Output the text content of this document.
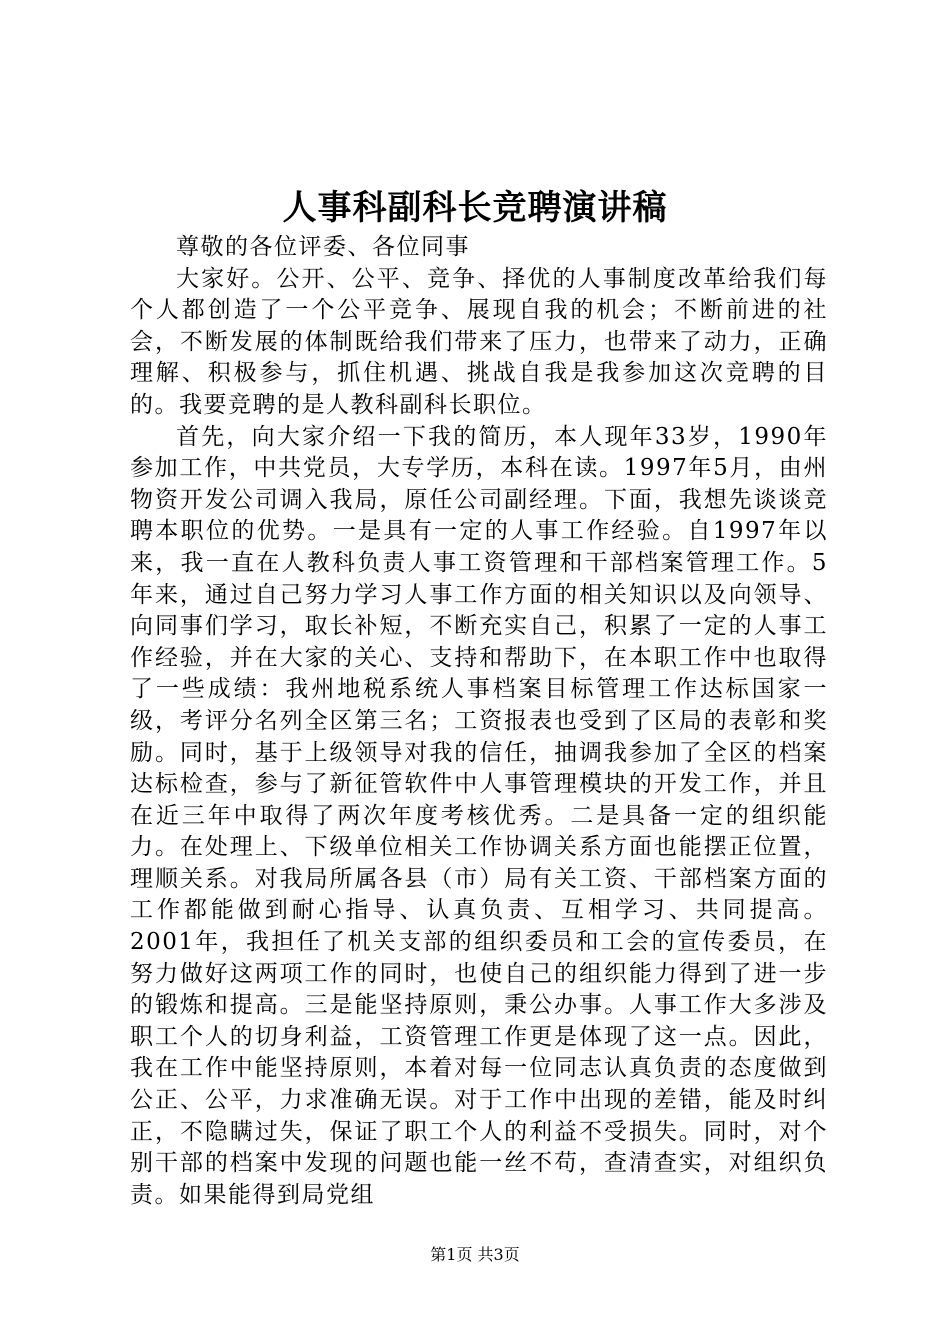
人事科副科长竞聘演讲稿

尊敬的各位评委、各位同事

大家好。公开、公平、竞争、择优的人事制度改革给我们每个人都创造了一个公平竞争、展现自我的机会；不断前进的社会，不断发展的体制既给我们带来了压力，也带来了动力，正确理解、积极参与，抓住机遇、挑战自我是我参加这次竞聘的目的。我要竞聘的是人教科副科长职位。

首先，向大家介绍一下我的简历，本人现年33岁，1990年参加工作，中共党员，大专学历，本科在读。1997年5月，由州物资开发公司调入我局，原任公司副经理。下面，我想先谈谈竞聘本职位的优势。一是具有一定的人事工作经验。自1997年以来，我一直在人教科负责人事工资管理和干部档案管理工作。5年来，通过自己努力学习人事工作方面的相关知识以及向领导、向同事们学习，取长补短，不断充实自己，积累了一定的人事工作经验，并在大家的关心、支持和帮助下，在本职工作中也取得了一些成绩：我州地税系统人事档案目标管理工作达标国家一级，考评分名列全区第三名；工资报表也受到了区局的表彰和奖励。同时，基于上级领导对我的信任，抽调我参加了全区的档案达标检查，参与了新征管软件中人事管理模块的开发工作，并且在近三年中取得了两次年度考核优秀。二是具备一定的组织能力。在处理上、下级单位相关工作协调关系方面也能摆正位置，理顺关系。对我局所属各县（市）局有关工资、干部档案方面的工作都能做到耐心指导、认真负责、互相学习、共同提高。2001年，我担任了机关支部的组织委员和工会的宣传委员，在努力做好这两项工作的同时，也使自己的组织能力得到了进一步的锻炼和提高。三是能坚持原则，秉公办事。人事工作大多涉及职工个人的切身利益，工资管理工作更是体现了这一点。因此，我在工作中能坚持原则，本着对每一位同志认真负责的态度做到公正、公平，力求准确无误。对于工作中出现的差错，能及时纠正，不隐瞒过失，保证了职工个人的利益不受损失。同时，对个别干部的档案中发现的问题也能一丝不苟，查清查实，对组织负责。如果能得到局党组

第1页 共3页
